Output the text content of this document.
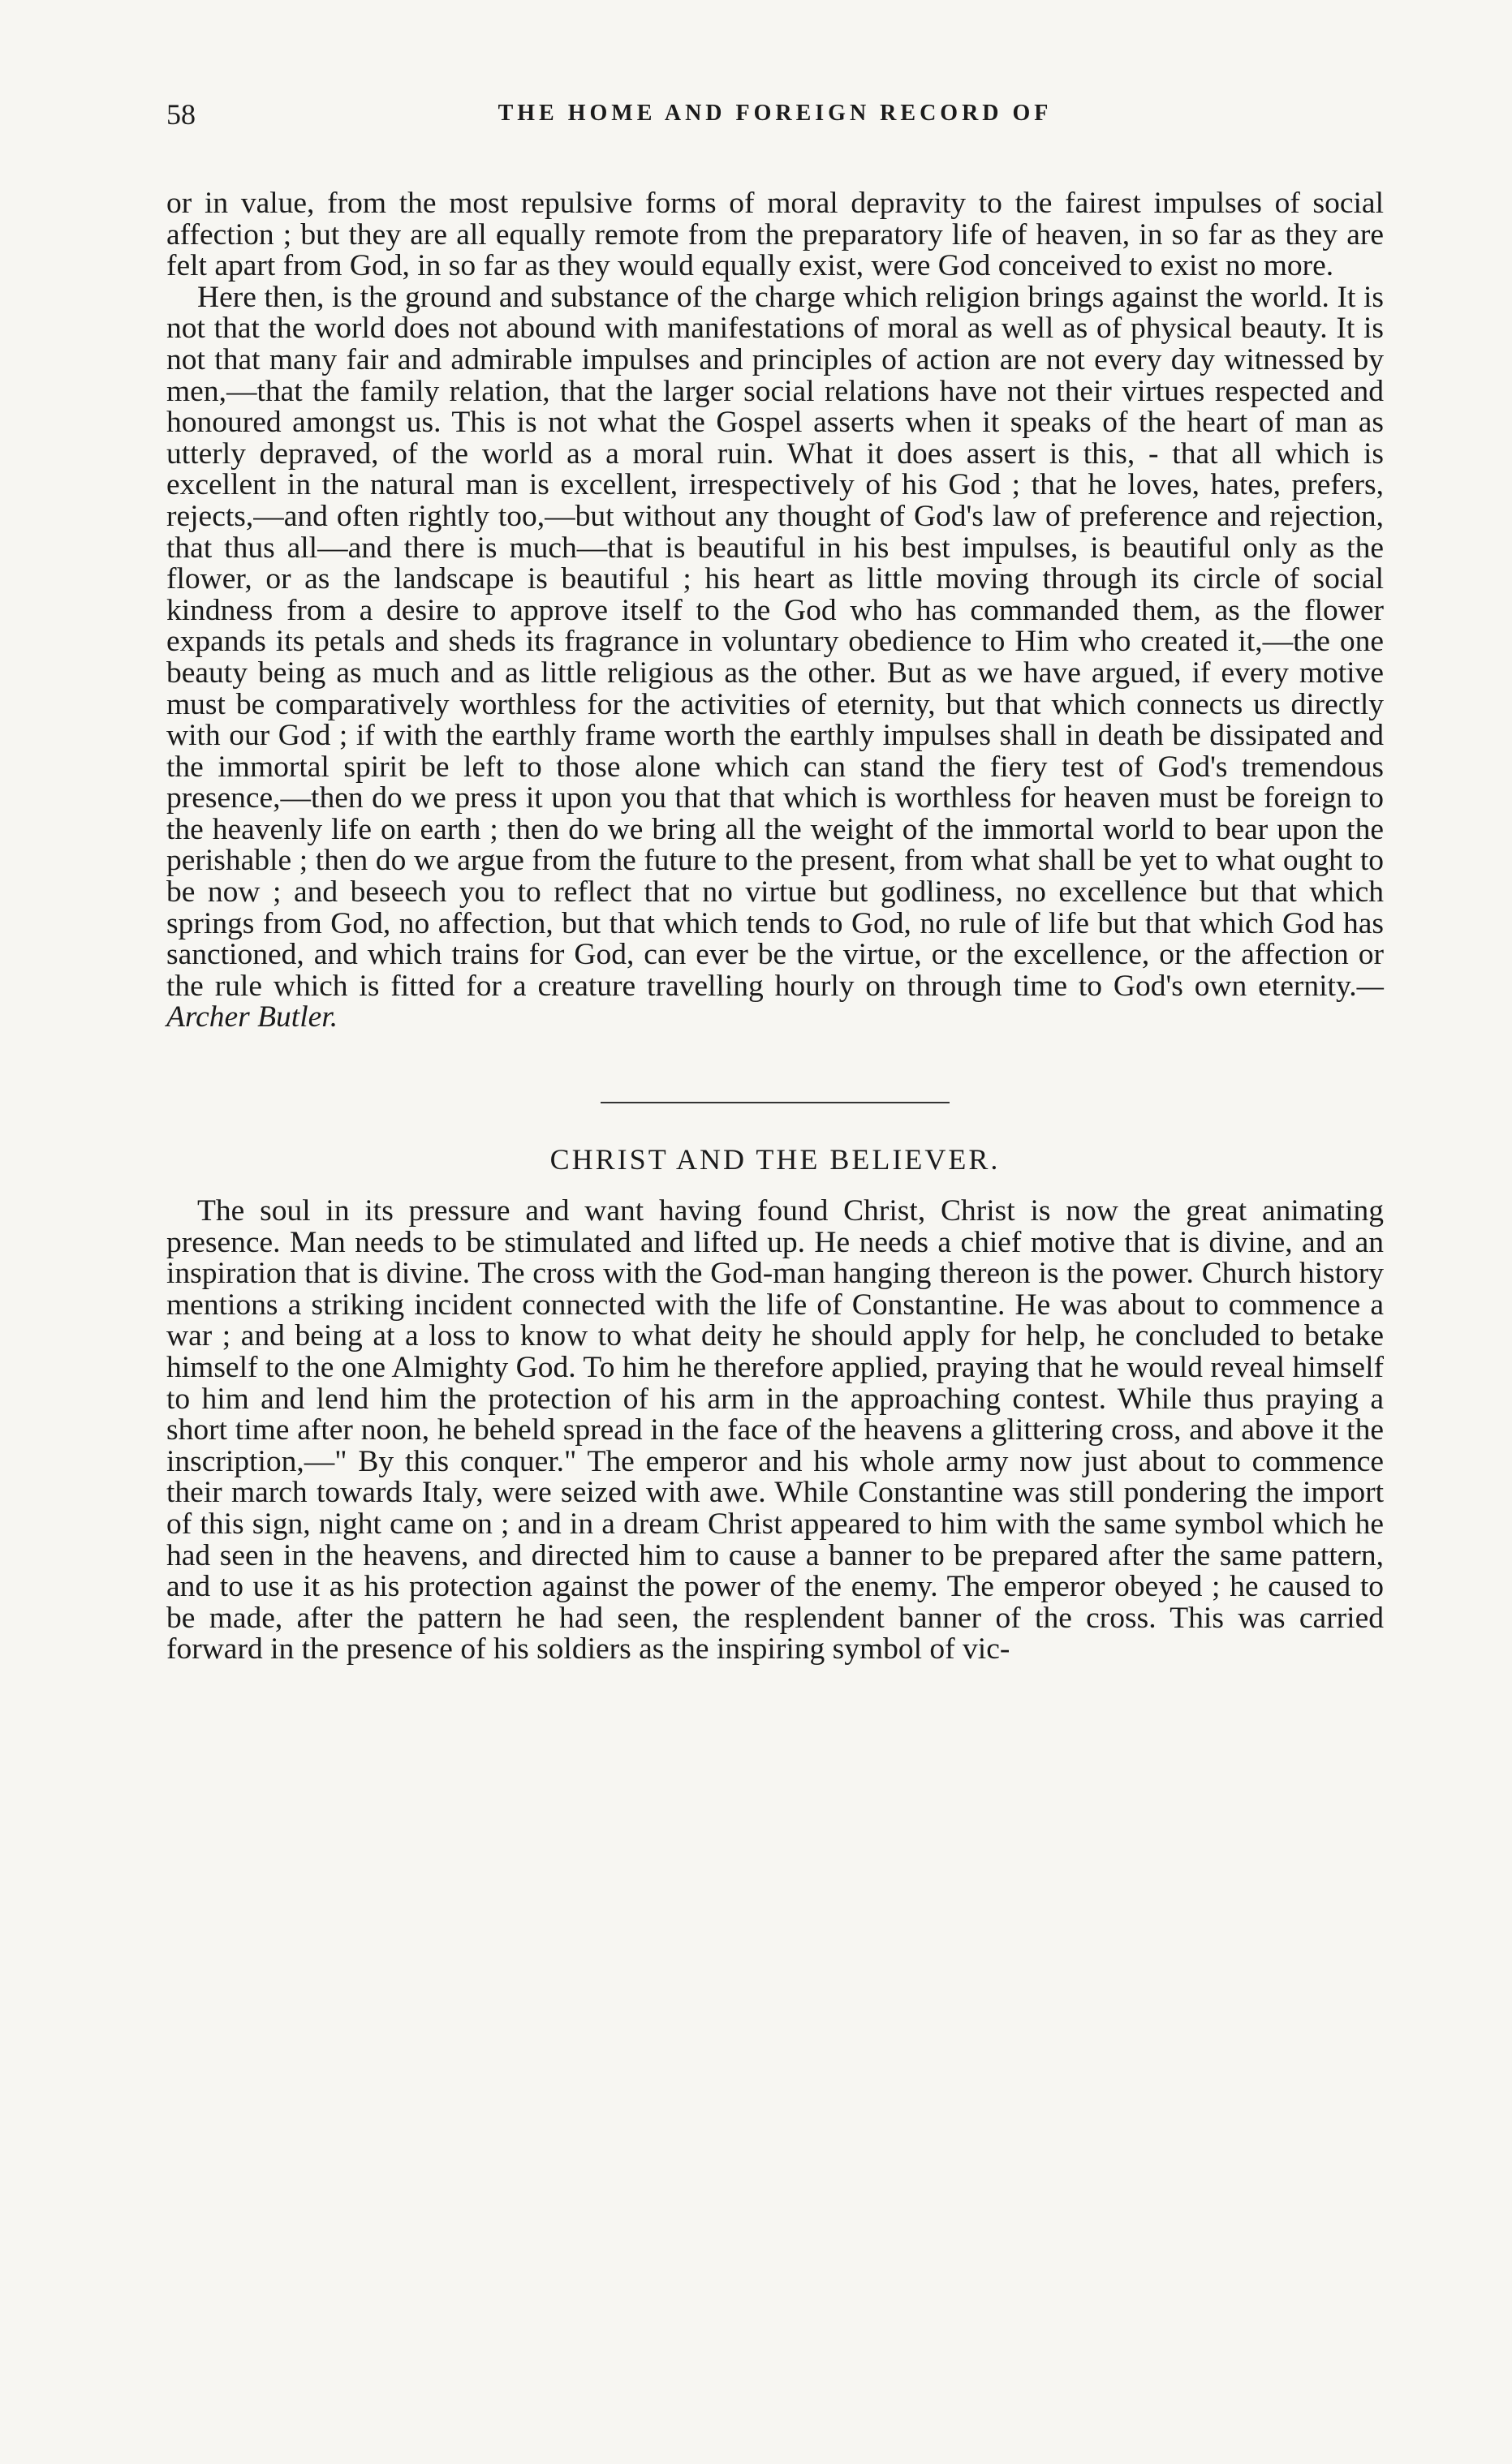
58	THE HOME AND FOREIGN RECORD OF

or in value, from the most repulsive forms of moral depravity to the fairest impulses of social affection ; but they are all equally remote from the preparatory life of heaven, in so far as they are felt apart from God, in so far as they would equally exist, were God conceived to exist no more.

Here then, is the ground and substance of the charge which religion brings against the world. It is not that the world does not abound with manifestations of moral as well as of physical beauty. It is not that many fair and admirable impulses and principles of action are not every day witnessed by men,—that the family relation, that the larger social relations have not their virtues respected and honoured amongst us. This is not what the Gospel asserts when it speaks of the heart of man as utterly depraved, of the world as a moral ruin. What it does assert is this, - that all which is excellent in the natural man is excellent, irrespectively of his God ; that he loves, hates, prefers, rejects,—and often rightly too,—but without any thought of God's law of preference and rejection, that thus all—and there is much—that is beautiful in his best impulses, is beautiful only as the flower, or as the landscape is beautiful ; his heart as little moving through its circle of social kindness from a desire to approve itself to the God who has commanded them, as the flower expands its petals and sheds its fragrance in voluntary obedience to Him who created it,—the one beauty being as much and as little religious as the other. But as we have argued, if every motive must be comparatively worthless for the activities of eternity, but that which connects us directly with our God ; if with the earthly frame worth the earthly impulses shall in death be dissipated and the immortal spirit be left to those alone which can stand the fiery test of God's tremendous presence,—then do we press it upon you that that which is worthless for heaven must be foreign to the heavenly life on earth ; then do we bring all the weight of the immortal world to bear upon the perishable ; then do we argue from the future to the present, from what shall be yet to what ought to be now ; and beseech you to reflect that no virtue but godliness, no excellence but that which springs from God, no affection, but that which tends to God, no rule of life but that which God has sanctioned, and which trains for God, can ever be the virtue, or the excellence, or the affection or the rule which is fitted for a creature travelling hourly on through time to God's own eternity.—Archer Butler.

CHRIST AND THE BELIEVER.

The soul in its pressure and want having found Christ, Christ is now the great animating presence. Man needs to be stimulated and lifted up. He needs a chief motive that is divine, and an inspiration that is divine. The cross with the God-man hanging thereon is the power. Church history mentions a striking incident connected with the life of Constantine. He was about to commence a war ; and being at a loss to know to what deity he should apply for help, he concluded to betake himself to the one Almighty God. To him he therefore applied, praying that he would reveal himself to him and lend him the protection of his arm in the approaching contest. While thus praying a short time after noon, he beheld spread in the face of the heavens a glittering cross, and above it the inscription,—" By this conquer." The emperor and his whole army now just about to commence their march towards Italy, were seized with awe. While Constantine was still pondering the import of this sign, night came on ; and in a dream Christ appeared to him with the same symbol which he had seen in the heavens, and directed him to cause a banner to be prepared after the same pattern, and to use it as his protection against the power of the enemy. The emperor obeyed ; he caused to be made, after the pattern he had seen, the resplendent banner of the cross. This was carried forward in the presence of his soldiers as the inspiring symbol of vic-
